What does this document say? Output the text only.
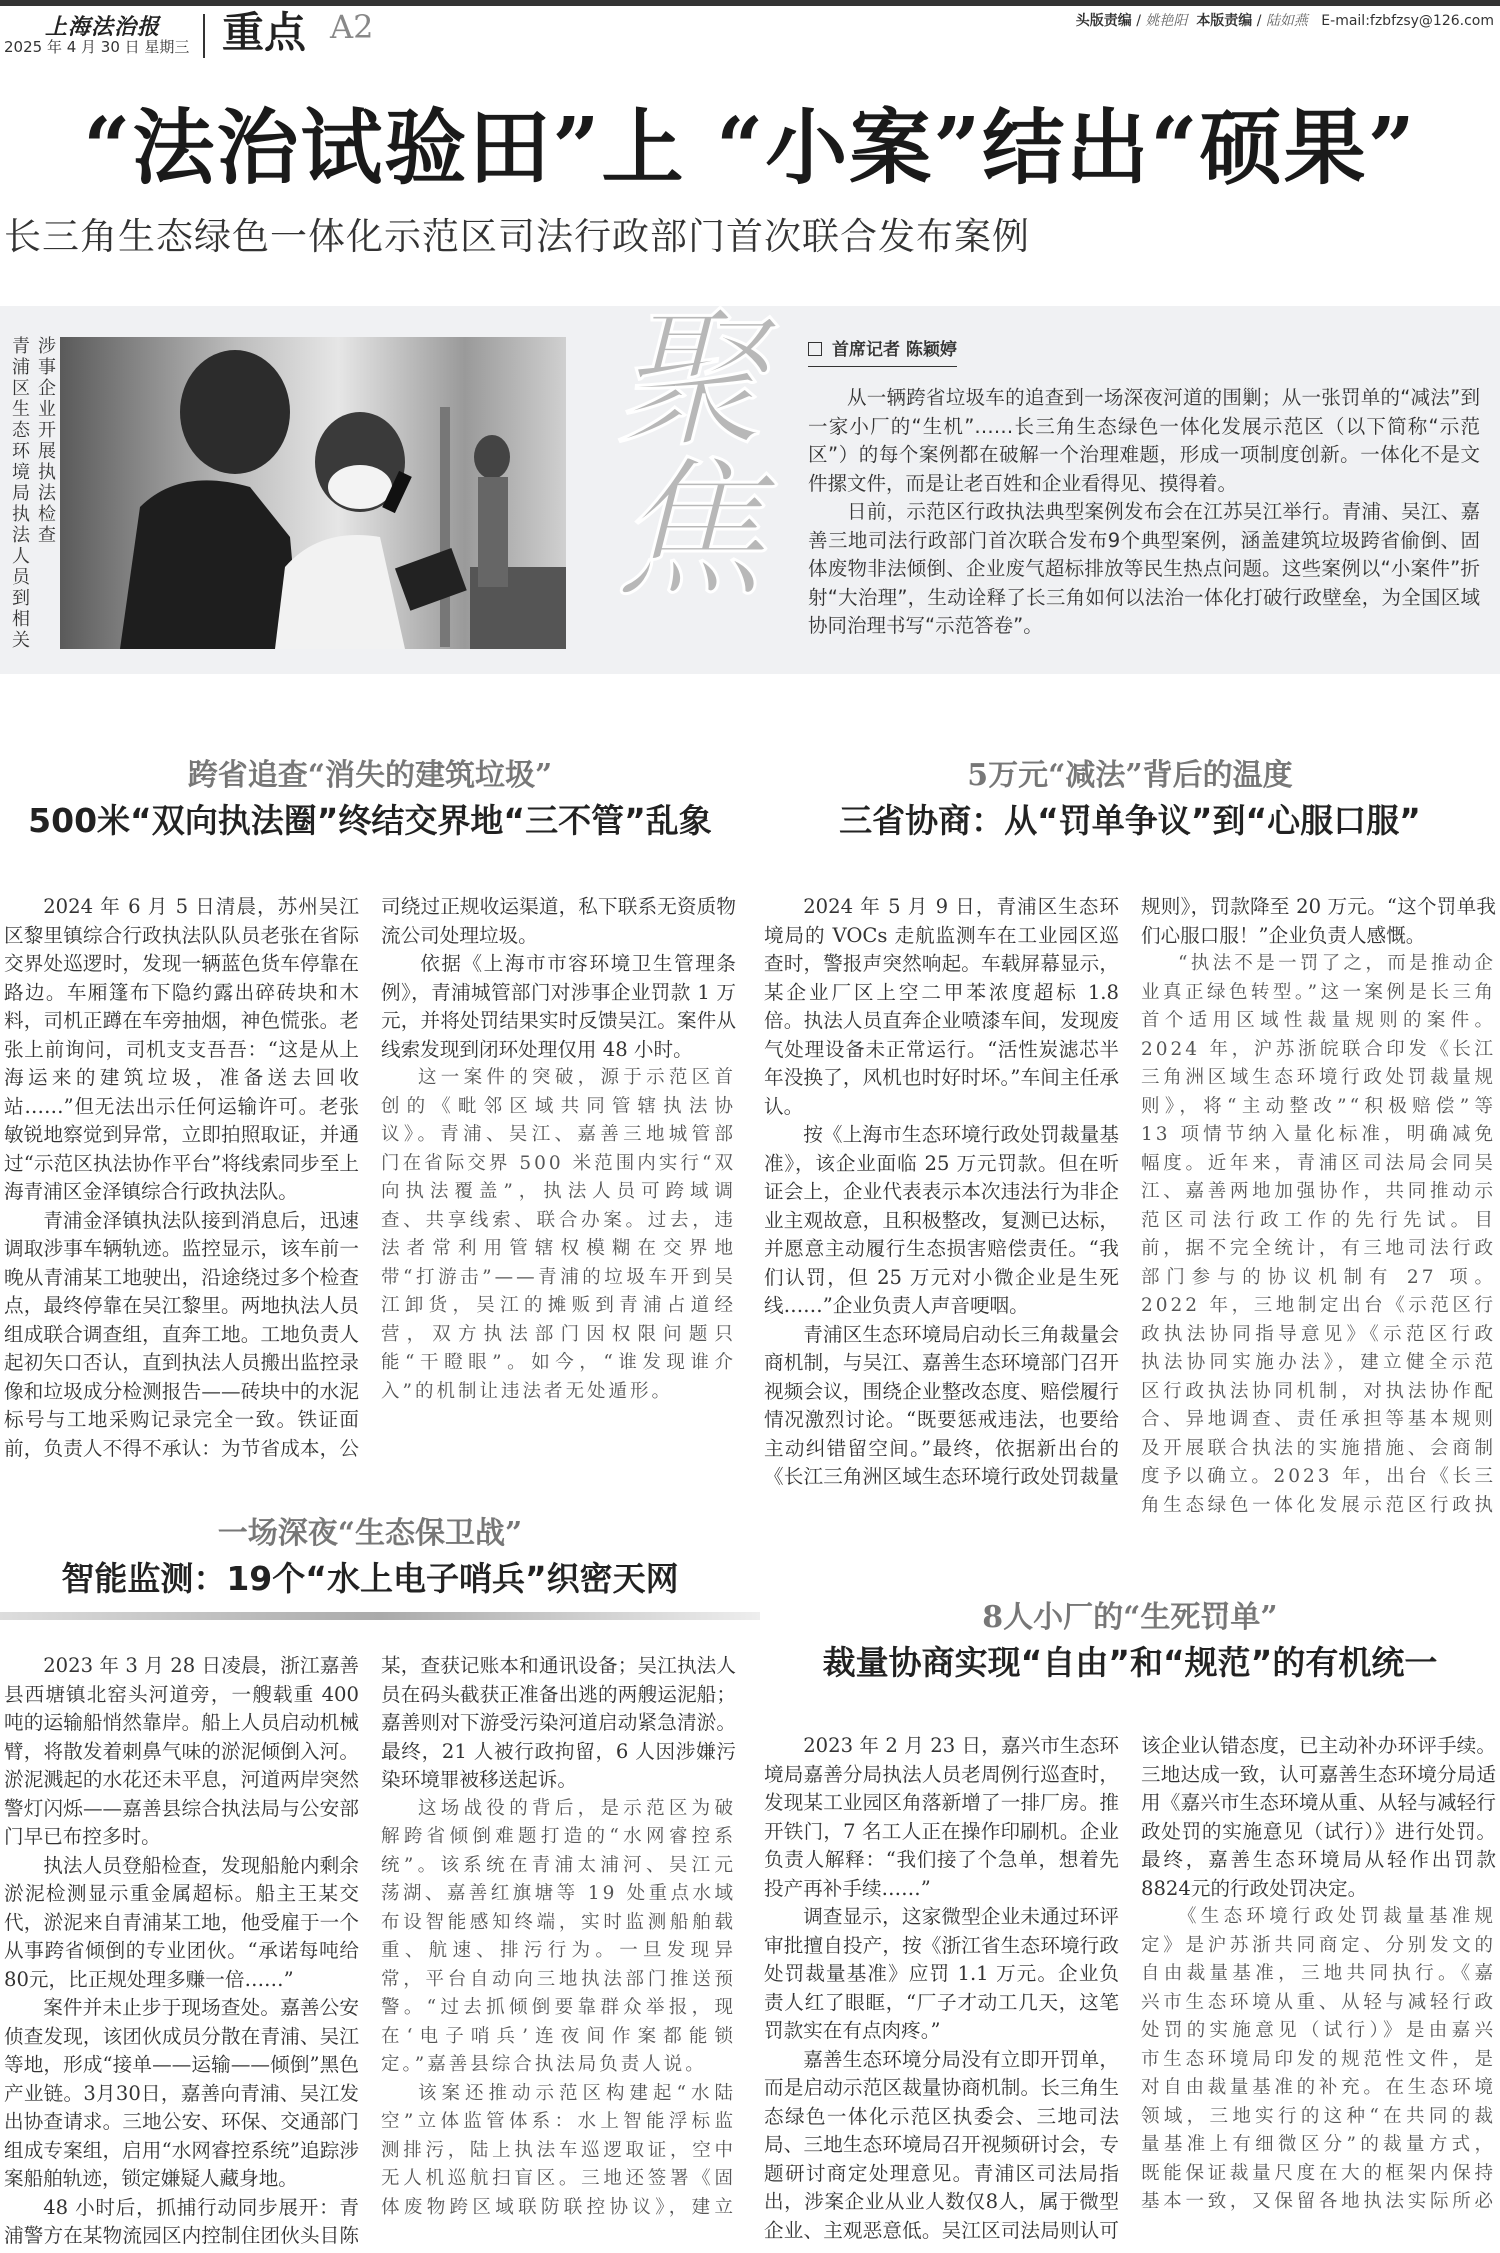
上海法治报
2025 年 4 月 30 日 星期三 重点 A2	头版责编 / 姚艳阳 本版责编 / 陆如燕 E-mail:fzbfzsy@126.com
“法治试验田”上 “小案”结出“硕果”
长三角生态绿色一体化示范区司法行政部门首次联合发布案例
涉事企业开展执法检查
青浦区生态环境局执法人员到相关	聚焦	首席记者 陈颖婷

从一辆跨省垃圾车的追查到一场深夜河道的围剿；从一张罚单的“减法”到一家小厂的“生机”……长三角生态绿色一体化发展示范区（以下简称“示范区”）的每个案例都在破解一个治理难题，形成一项制度创新。一体化不是文件摞文件，而是让老百姓和企业看得见、摸得着。

日前，示范区行政执法典型案例发布会在江苏吴江举行。青浦、吴江、嘉善三地司法行政部门首次联合发布9个典型案例，涵盖建筑垃圾跨省偷倒、固体废物非法倾倒、企业废气超标排放等民生热点问题。这些案例以“小案件”折射“大治理”，生动诠释了长三角如何以法治一体化打破行政壁垒，为全国区域协同治理书写“示范答卷”。

跨省追查“消失的建筑垃圾”
500米“双向执法圈”终结交界地“三不管”乱象

2024 年 6 月 5 日清晨，苏州吴江区黎里镇综合行政执法队队员老张在省际交界处巡逻时，发现一辆蓝色货车停靠在路边。车厢篷布下隐约露出碎砖块和木料，司机正蹲在车旁抽烟，神色慌张。老张上前询问，司机支支吾吾：“这是从上海运来的建筑垃圾，准备送去回收站……”但无法出示任何运输许可。老张敏锐地察觉到异常，立即拍照取证，并通过“示范区执法协作平台”将线索同步至上海青浦区金泽镇综合行政执法队。

青浦金泽镇执法队接到消息后，迅速调取涉事车辆轨迹。监控显示，该车前一晚从青浦某工地驶出，沿途绕过多个检查点，最终停靠在吴江黎里。两地执法人员组成联合调查组，直奔工地。工地负责人起初矢口否认，直到执法人员搬出监控录像和垃圾成分检测报告——砖块中的水泥标号与工地采购记录完全一致。铁证面前，负责人不得不承认：为节省成本，公司绕过正规收运渠道，私下联系无资质物流公司处理垃圾。

依据《上海市市容环境卫生管理条例》，青浦城管部门对涉事企业罚款 1 万元，并将处罚结果实时反馈吴江。案件从线索发现到闭环处理仅用 48 小时。

这一案件的突破，源于示范区首创的《毗邻区域共同管辖执法协议》。青浦、吴江、嘉善三地城管部门在省际交界 500 米范围内实行“双向执法覆盖”，执法人员可跨域调查、共享线索、联合办案。过去，违法者常利用管辖权模糊在交界地带“打游击”——青浦的垃圾车开到吴江卸货，吴江的摊贩到青浦占道经营，双方执法部门因权限问题只能“干瞪眼”。如今，“谁发现谁介入”的机制让违法者无处遁形。

5万元“减法”背后的温度
三省协商：从“罚单争议”到“心服口服”

2024 年 5 月 9 日，青浦区生态环境局的 VOCs 走航监测车在工业园区巡查时，警报声突然响起。车载屏幕显示，某企业厂区上空二甲苯浓度超标 1.8 倍。执法人员直奔企业喷漆车间，发现废气处理设备未正常运行。“活性炭滤芯半年没换了，风机也时好时坏。”车间主任承认。

按《上海市生态环境行政处罚裁量基准》，该企业面临 25 万元罚款。但在听证会上，企业代表表示本次违法行为非企业主观故意，且积极整改，复测已达标，并愿意主动履行生态损害赔偿责任。“我们认罚，但 25 万元对小微企业是生死线……”企业负责人声音哽咽。

青浦区生态环境局启动长三角裁量会商机制，与吴江、嘉善生态环境部门召开视频会议，围绕企业整改态度、赔偿履行情况激烈讨论。“既要惩戒违法，也要给主动纠错留空间。”最终，依据新出台的《长江三角洲区域生态环境行政处罚裁量规则》，罚款降至 20 万元。“这个罚单我们心服口服！”企业负责人感慨。

“执法不是一罚了之，而是推动企业真正绿色转型。”这一案例是长三角首个适用区域性裁量规则的案件。2024 年，沪苏浙皖联合印发《长江三角洲区域生态环境行政处罚裁量规则》，将“主动整改”“积极赔偿”等 13 项情节纳入量化标准，明确减免幅度。近年来，青浦区司法局会同吴江、嘉善两地加强协作，共同推动示范区司法行政工作的先行先试。目前，据不完全统计，有三地司法行政部门参与的协议机制有 27 项。2022 年，三地制定出台《示范区行政执法协同指导意见》《示范区行政执法协同实施办法》，建立健全示范区行政执法协同机制，对执法协作配合、异地调查、责任承担等基本规则及开展联合执法的实施措施、会商制度予以确立。2023 年，出台《长三角生态绿色一体化发展示范区行政执

一场深夜“生态保卫战”
智能监测：19个“水上电子哨兵”织密天网

2023 年 3 月 28 日凌晨，浙江嘉善县西塘镇北窑头河道旁，一艘载重 400 吨的运输船悄然靠岸。船上人员启动机械臂，将散发着刺鼻气味的淤泥倾倒入河。淤泥溅起的水花还未平息，河道两岸突然警灯闪烁——嘉善县综合执法局与公安部门早已布控多时。

执法人员登船检查，发现船舱内剩余淤泥检测显示重金属超标。船主王某交代，淤泥来自青浦某工地，他受雇于一个从事跨省倾倒的专业团伙。“承诺每吨给80元，比正规处理多赚一倍……”

案件并未止步于现场查处。嘉善公安侦查发现，该团伙成员分散在青浦、吴江等地，形成“接单——运输——倾倒”黑色产业链。3月30日，嘉善向青浦、吴江发出协查请求。三地公安、环保、交通部门组成专案组，启用“水网睿控系统”追踪涉案船舶轨迹，锁定嫌疑人藏身地。

48 小时后，抓捕行动同步展开：青浦警方在某物流园区内控制住团伙头目陈某，查获记账本和通讯设备；吴江执法人员在码头截获正准备出逃的两艘运泥船；嘉善则对下游受污染河道启动紧急清淤。最终，21 人被行政拘留，6 人因涉嫌污染环境罪被移送起诉。

这场战役的背后，是示范区为破解跨省倾倒难题打造的“水网睿控系统”。该系统在青浦太浦河、吴江元荡湖、嘉善红旗塘等 19 处重点水域布设智能感知终端，实时监测船舶载重、航速、排污行为。一旦发现异常，平台自动向三地执法部门推送预警。“过去抓倾倒要靠群众举报，现在‘电子哨兵’连夜间作案都能锁定。”嘉善县综合执法局负责人说。

该案还推动示范区构建起“水陆空”立体监管体系：水上智能浮标监测排污，陆上执法车巡逻取证，空中无人机巡航扫盲区。三地还签署《固体废物跨区域联防联控协议》，建立

8人小厂的“生死罚单”
裁量协商实现“自由”和“规范”的有机统一

2023 年 2 月 23 日，嘉兴市生态环境局嘉善分局执法人员老周例行巡查时，发现某工业园区角落新增了一排厂房。推开铁门，7 名工人正在操作印刷机。企业负责人解释：“我们接了个急单，想着先投产再补手续……”

调查显示，这家微型企业未通过环评审批擅自投产，按《浙江省生态环境行政处罚裁量基准》应罚 1.1 万元。企业负责人红了眼眶，“厂子才动工几天，这笔罚款实在有点肉疼。”

嘉善生态环境分局没有立即开罚单，而是启动示范区裁量协商机制。长三角生态绿色一体化示范区执委会、三地司法局、三地生态环境局召开视频研讨会，专题研讨商定处理意见。青浦区司法局指出，涉案企业从业人数仅8人，属于微型企业、主观恶意低。吴江区司法局则认可该企业认错态度，已主动补办环评手续。三地达成一致，认可嘉善生态环境分局适用《嘉兴市生态环境从重、从轻与减轻行政处罚的实施意见（试行）》进行处罚。最终，嘉善生态环境局从轻作出罚款8824元的行政处罚决定。

《生态环境行政处罚裁量基准规定》是沪苏浙共同商定、分别发文的自由裁量基准，三地共同执行。《嘉兴市生态环境从重、从轻与减轻行政处罚的实施意见（试行）》是由嘉兴市生态环境局印发的规范性文件，是对自由裁量基准的补充。在生态环境领域，三地实行的这种“在共同的裁量基准上有细微区分”的裁量方式，既能保证裁量尺度在大的框架内保持基本一致，又保留各地执法实际所必
